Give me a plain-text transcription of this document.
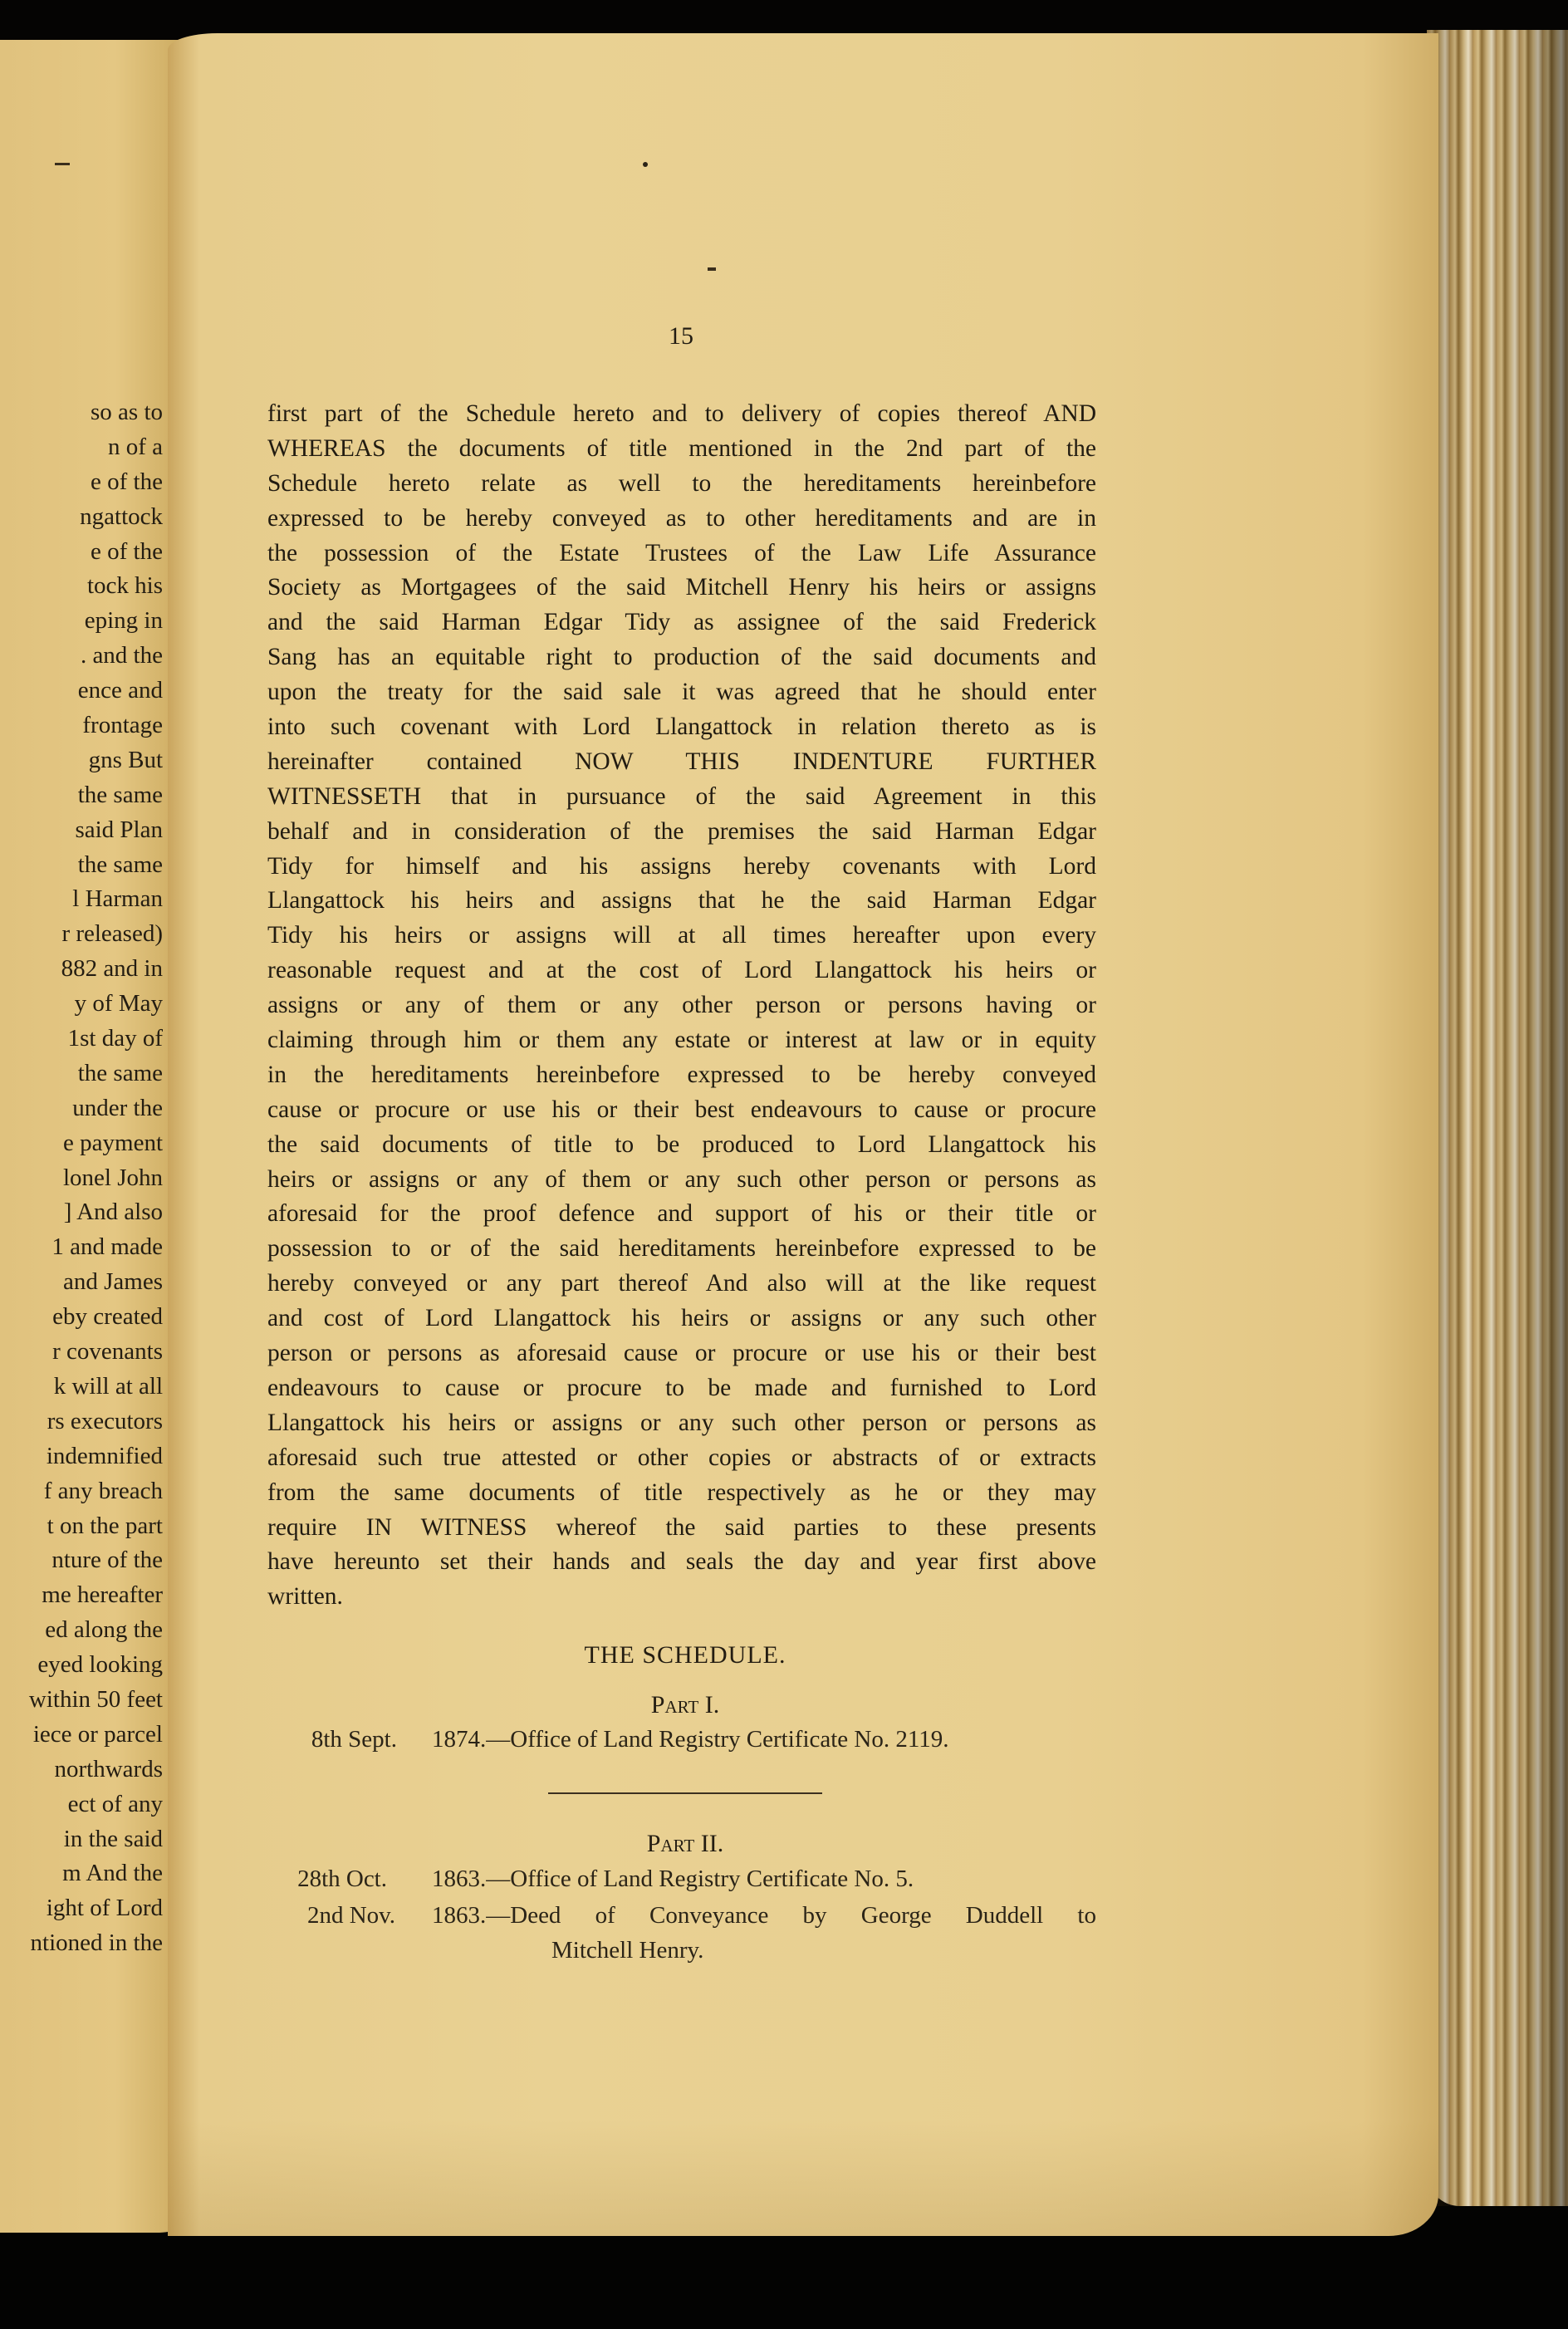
so as to
n of a
e of the
ngattock
e of the
tock his
eping in
. and the
ence and
frontage
gns But
the same
said Plan
the same
l Harman
r released)
882 and in
y of May
1st day of
the same
under the
e payment
lonel John
] And also
1 and made
and James
eby created
r covenants
k will at all
rs executors
indemnified
f any breach
t on the part
nture of the
me hereafter
ed along the
eyed looking
within 50 feet
iece or parcel
northwards
ect of any
in the said
m And the
ight of Lord
ntioned in the
15
first part of the Schedule hereto and to delivery of copies thereof AND
WHEREAS the documents of title mentioned in the 2nd part of the
Schedule hereto relate as well to the hereditaments hereinbefore
expressed to be hereby conveyed as to other hereditaments and are in
the possession of the Estate Trustees of the Law Life Assurance
Society as Mortgagees of the said Mitchell Henry his heirs or assigns
and the said Harman Edgar Tidy as assignee of the said Frederick
Sang has an equitable right to production of the said documents and
upon the treaty for the said sale it was agreed that he should enter
into such covenant with Lord Llangattock in relation thereto as is
hereinafter contained NOW THIS INDENTURE FURTHER
WITNESSETH that in pursuance of the said Agreement in this
behalf and in consideration of the premises the said Harman Edgar
Tidy for himself and his assigns hereby covenants with Lord
Llangattock his heirs and assigns that he the said Harman Edgar
Tidy his heirs or assigns will at all times hereafter upon every
reasonable request and at the cost of Lord Llangattock his heirs or
assigns or any of them or any other person or persons having or
claiming through him or them any estate or interest at law or in equity
in the hereditaments hereinbefore expressed to be hereby conveyed
cause or procure or use his or their best endeavours to cause or procure
the said documents of title to be produced to Lord Llangattock his
heirs or assigns or any of them or any such other person or persons as
aforesaid for the proof defence and support of his or their title or
possession to or of the said hereditaments hereinbefore expressed to be
hereby conveyed or any part thereof And also will at the like request
and cost of Lord Llangattock his heirs or assigns or any such other
person or persons as aforesaid cause or procure or use his or their best
endeavours to cause or procure to be made and furnished to Lord
Llangattock his heirs or assigns or any such other person or persons as
aforesaid such true attested or other copies or abstracts of or extracts
from the same documents of title respectively as he or they may
require IN WITNESS whereof the said parties to these presents
have hereunto set their hands and seals the day and year first above
written.
THE SCHEDULE.
Part I.
8th Sept. 1874.—Office of Land Registry Certificate No. 2119.
Part II.
28th Oct. 1863.—Office of Land Registry Certificate No. 5.
2nd Nov. 1863.—Deed of Conveyance by George Duddell to
Mitchell Henry.
